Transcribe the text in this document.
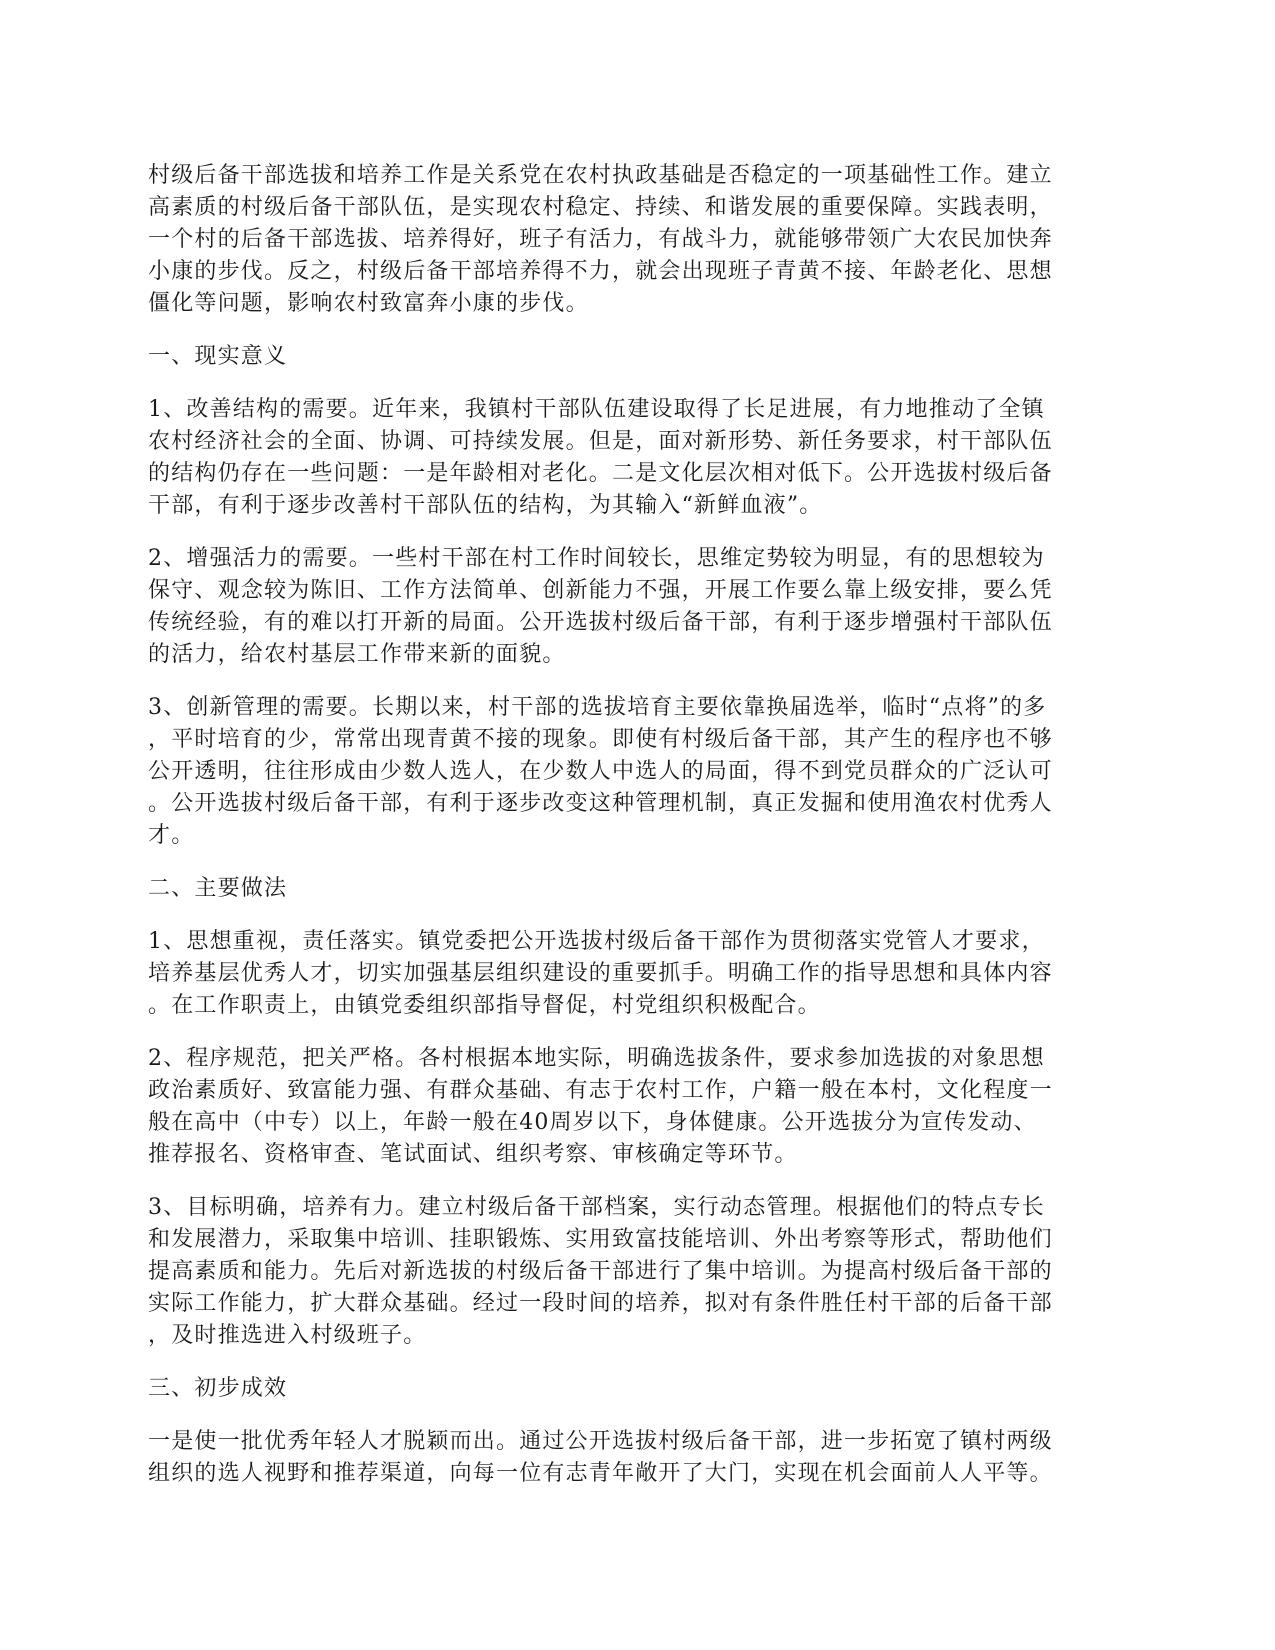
村级后备干部选拔和培养工作是关系党在农村执政基础是否稳定的一项基础性工作。建立
高素质的村级后备干部队伍，是实现农村稳定、持续、和谐发展的重要保障。实践表明，
一个村的后备干部选拔、培养得好，班子有活力，有战斗力，就能够带领广大农民加快奔
小康的步伐。反之，村级后备干部培养得不力，就会出现班子青黄不接、年龄老化、思想
僵化等问题，影响农村致富奔小康的步伐。
一、现实意义
1、改善结构的需要。近年来，我镇村干部队伍建设取得了长足进展，有力地推动了全镇
农村经济社会的全面、协调、可持续发展。但是，面对新形势、新任务要求，村干部队伍
的结构仍存在一些问题：一是年龄相对老化。二是文化层次相对低下。公开选拔村级后备
干部，有利于逐步改善村干部队伍的结构，为其输入“新鲜血液”。
2、增强活力的需要。一些村干部在村工作时间较长，思维定势较为明显，有的思想较为
保守、观念较为陈旧、工作方法简单、创新能力不强，开展工作要么靠上级安排，要么凭
传统经验，有的难以打开新的局面。公开选拔村级后备干部，有利于逐步增强村干部队伍
的活力，给农村基层工作带来新的面貌。
3、创新管理的需要。长期以来，村干部的选拔培育主要依靠换届选举，临时“点将”的多
，平时培育的少，常常出现青黄不接的现象。即使有村级后备干部，其产生的程序也不够
公开透明，往往形成由少数人选人，在少数人中选人的局面，得不到党员群众的广泛认可
。公开选拔村级后备干部，有利于逐步改变这种管理机制，真正发掘和使用渔农村优秀人
才。
二、主要做法
1、思想重视，责任落实。镇党委把公开选拔村级后备干部作为贯彻落实党管人才要求，
培养基层优秀人才，切实加强基层组织建设的重要抓手。明确工作的指导思想和具体内容
。在工作职责上，由镇党委组织部指导督促，村党组织积极配合。
2、程序规范，把关严格。各村根据本地实际，明确选拔条件，要求参加选拔的对象思想
政治素质好、致富能力强、有群众基础、有志于农村工作，户籍一般在本村，文化程度一
般在高中（中专）以上，年龄一般在40周岁以下，身体健康。公开选拔分为宣传发动、
推荐报名、资格审查、笔试面试、组织考察、审核确定等环节。
3、目标明确，培养有力。建立村级后备干部档案，实行动态管理。根据他们的特点专长
和发展潜力，采取集中培训、挂职锻炼、实用致富技能培训、外出考察等形式，帮助他们
提高素质和能力。先后对新选拔的村级后备干部进行了集中培训。为提高村级后备干部的
实际工作能力，扩大群众基础。经过一段时间的培养，拟对有条件胜任村干部的后备干部
，及时推选进入村级班子。
三、初步成效
一是使一批优秀年轻人才脱颖而出。通过公开选拔村级后备干部，进一步拓宽了镇村两级
组织的选人视野和推荐渠道，向每一位有志青年敞开了大门，实现在机会面前人人平等。
